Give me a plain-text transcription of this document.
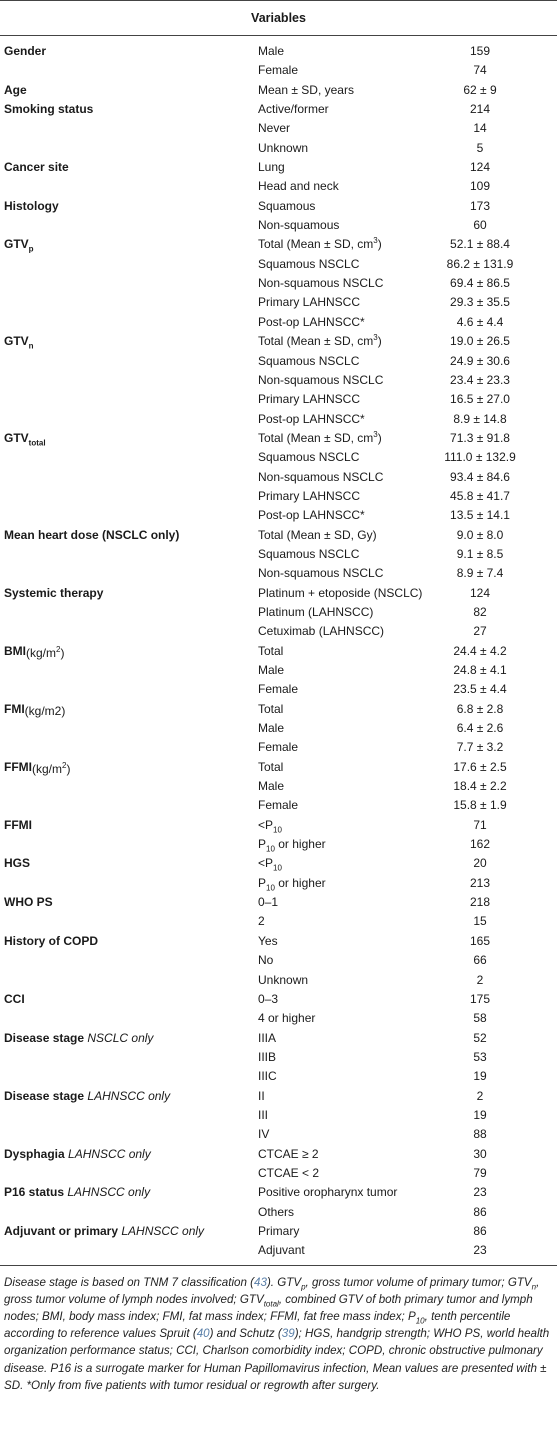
Variables
Gender	Male	159
Female	74
Age	Mean ± SD, years	62 ± 9
Smoking status	Active/former	214
Never	14
Unknown	5
Cancer site	Lung	124
Head and neck	109
Histology	Squamous	173
Non-squamous	60
$GTV_p$	Total (Mean ± SD, $cm^3$)	52.1 ± 88.4
Squamous NSCLC	86.2 ± 131.9
Non-squamous NSCLC	69.4 ± 86.5
Primary LAHNSCC	29.3 ± 35.5
Post-op LAHNSCC*	4.6 ± 4.4
$GTV_n$	Total (Mean ± SD, $cm^3$)	19.0 ± 26.5
Squamous NSCLC	24.9 ± 30.6
Non-squamous NSCLC	23.4 ± 23.3
Primary LAHNSCC	16.5 ± 27.0
Post-op LAHNSCC*	8.9 ± 14.8
$GTV_{total}$	Total (Mean ± SD, $cm^3$)	71.3 ± 91.8
Squamous NSCLC	111.0 ± 132.9
Non-squamous NSCLC	93.4 ± 84.6
Primary LAHNSCC	45.8 ± 41.7
Post-op LAHNSCC*	13.5 ± 14.1
Mean heart dose (NSCLC only)	Total (Mean ± SD, Gy)	9.0 ± 8.0
Squamous NSCLC	9.1 ± 8.5
Non-squamous NSCLC	8.9 ± 7.4
Systemic therapy	Platinum + etoposide (NSCLC)	124
Platinum (LAHNSCC)	82
Cetuximab (LAHNSCC)	27
BMI $(kg/m^2)$	Total	24.4 ± 4.2
Male	24.8 ± 4.1
Female	23.5 ± 4.4
FMI (kg/m2)	Total	6.8 ± 2.8
Male	6.4 ± 2.6
Female	7.7 ± 3.2
FFMI $(kg/m^2)$	Total	17.6 ± 2.5
Male	18.4 ± 2.2
Female	15.8 ± 1.9
FFMI	$<P_{10}$	71
$P_{10}$ or higher	162
HGS	$<P_{10}$	20
$P_{10}$ or higher	213
WHO PS	0–1	218
2	15
History of COPD	Yes	165
No	66
Unknown	2
CCI	0–3	175
4 or higher	58
Disease stage NSCLC only	IIIA	52
IIIB	53
IIIC	19
Disease stage LAHNSCC only	II	2
III	19
IV	88
Dysphagia LAHNSCC only	CTCAE ≥ 2	30
CTCAE < 2	79
P16 status LAHNSCC only	Positive oropharynx tumor	23
Others	86
Adjuvant or primary LAHNSCC only	Primary	86
Adjuvant	23
Disease stage is based on TNM 7 classification (43). $GTV_p$, gross tumor volume of primary tumor; $GTV_n$, gross tumor volume of lymph nodes involved; $GTV_{total}$, combined GTV of both primary tumor and lymph nodes; BMI, body mass index; FMI, fat mass index; FFMI, fat free mass index; $P_{10}$, tenth percentile according to reference values Spruit (40) and Schutz (39); HGS, handgrip strength; WHO PS, world health organization performance status; CCI, Charlson comorbidity index; COPD, chronic obstructive pulmonary disease. P16 is a surrogate marker for Human Papillomavirus infection, Mean values are presented with ± SD. *Only from five patients with tumor residual or regrowth after surgery.
